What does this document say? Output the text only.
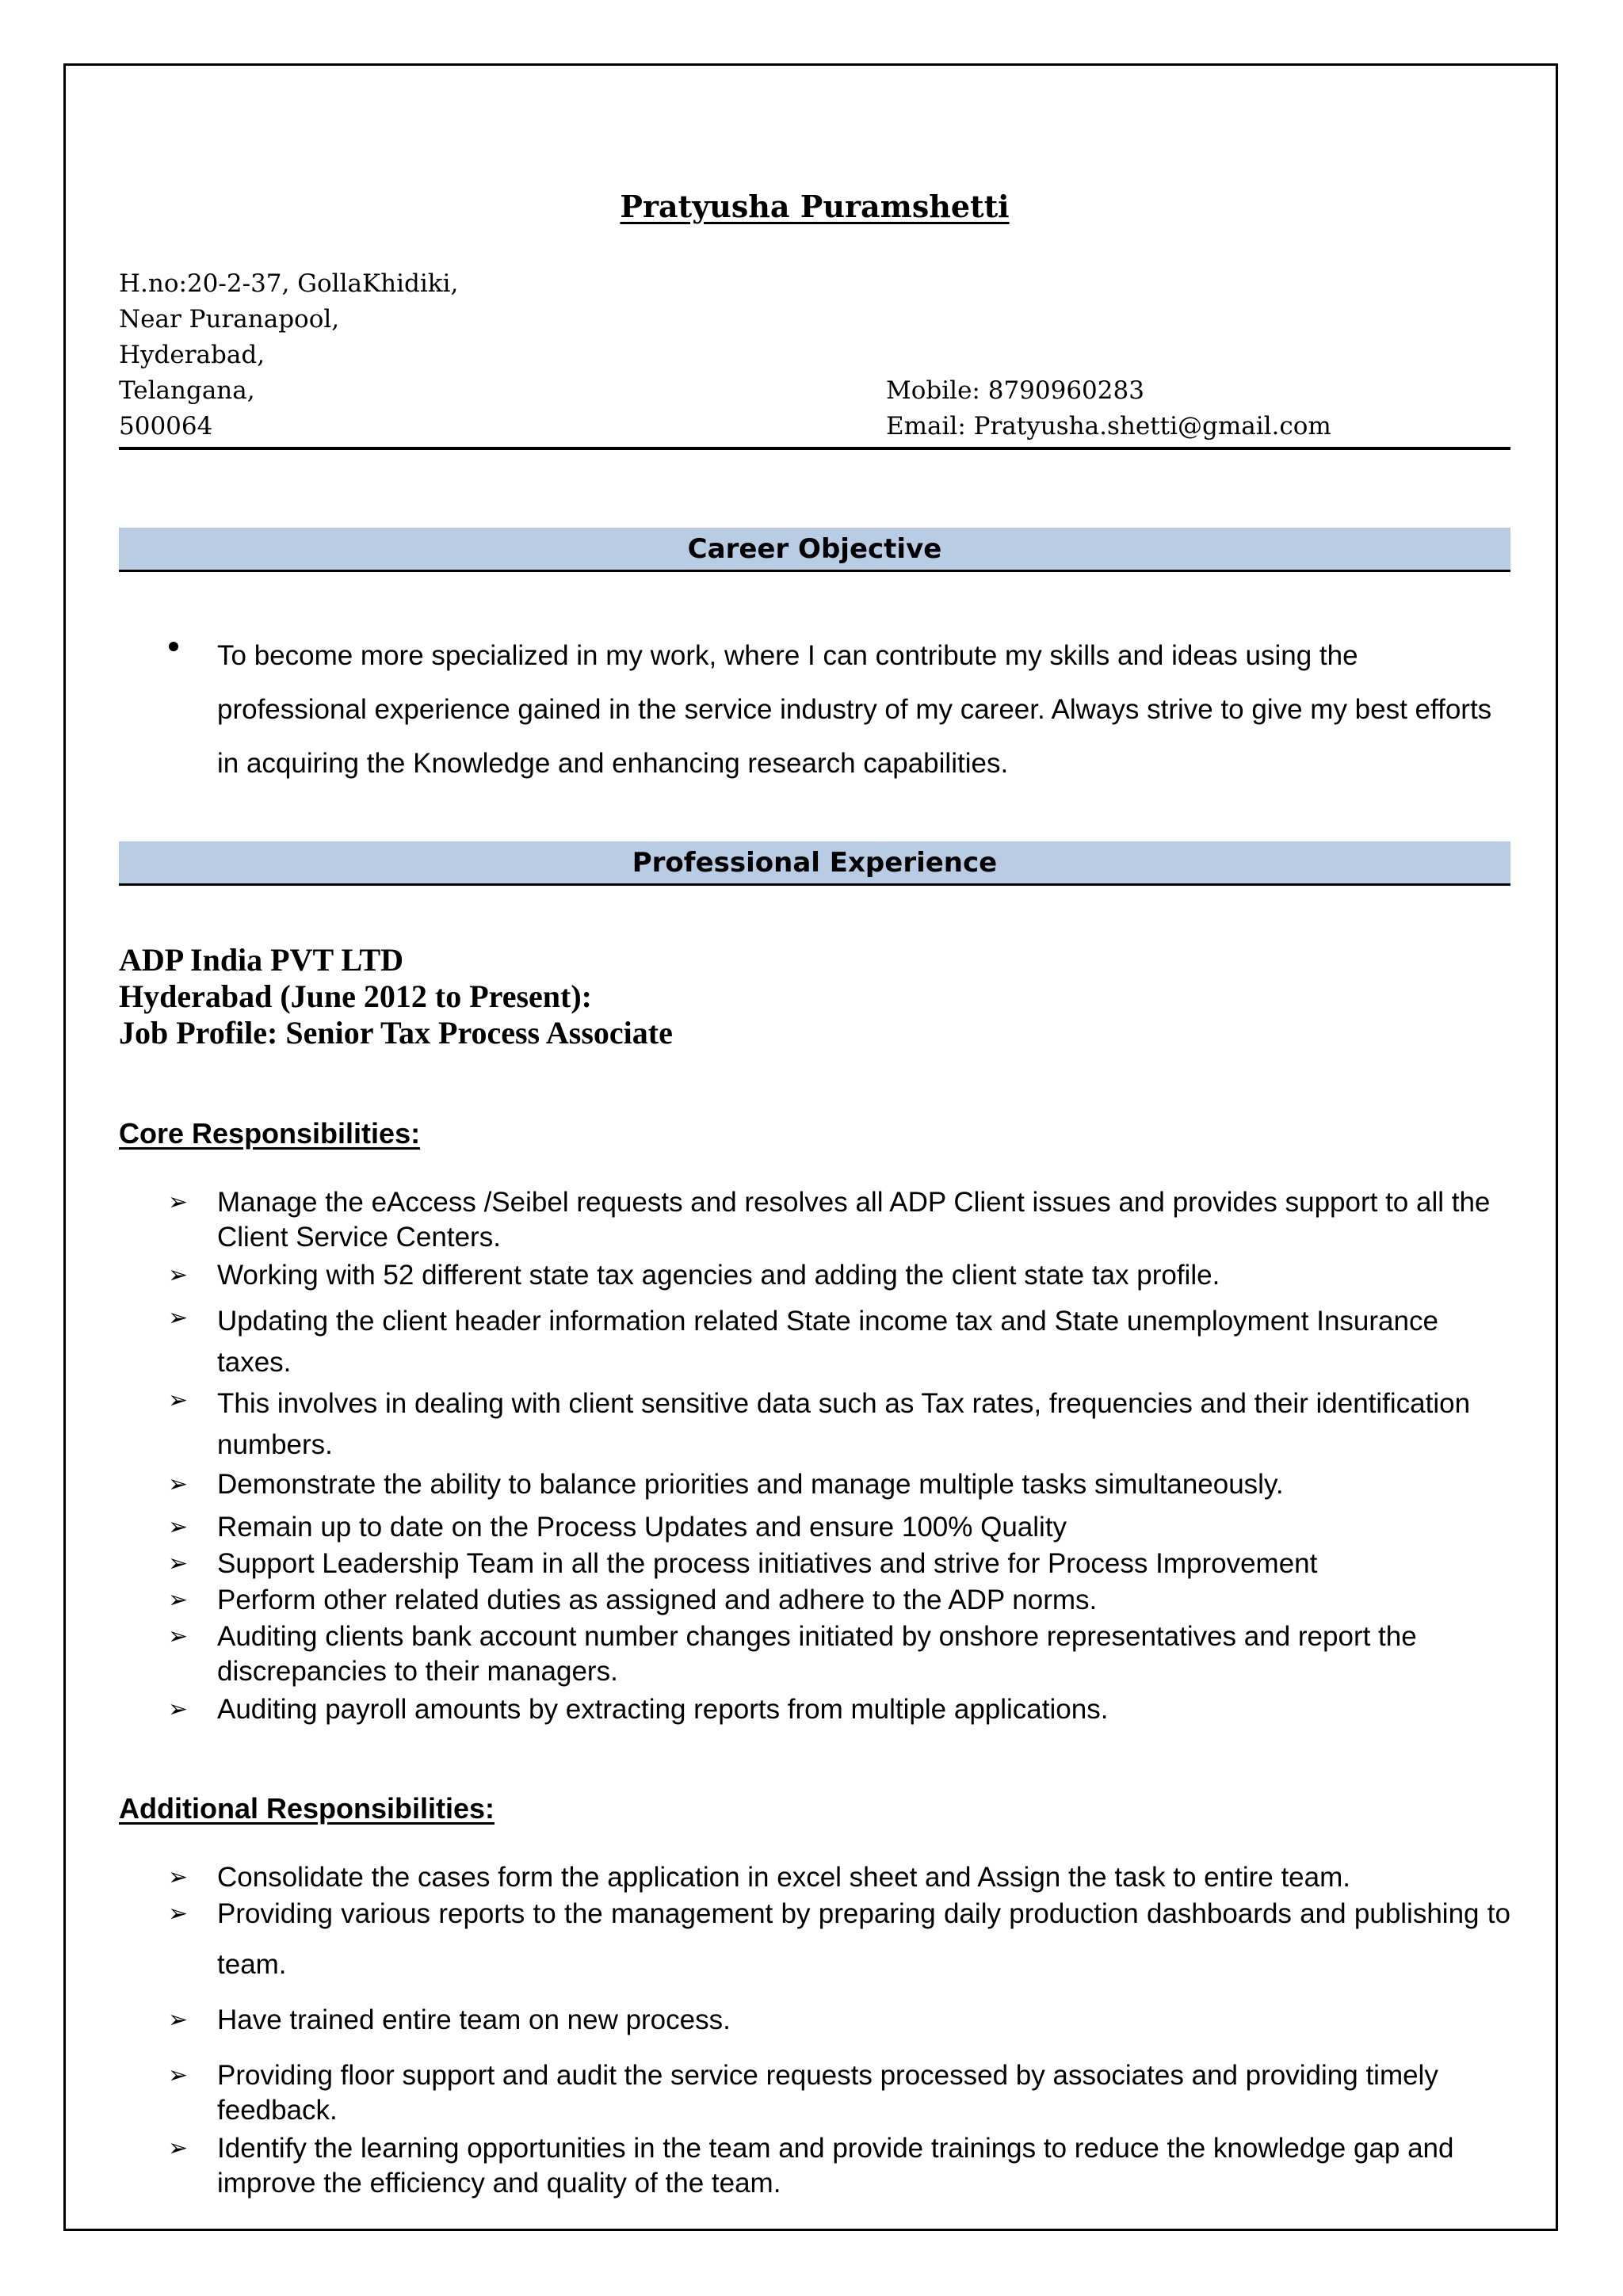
Pratyusha Puramshetti
H.no:20-2-37, GollaKhidiki,
Near Puranapool,
Hyderabad,
Telangana,
500064
Mobile: 8790960283
Email: Pratyusha.shetti@gmail.com
Career Objective
To become more specialized in my work, where I can contribute my skills and ideas using the professional experience gained in the service industry of my career. Always strive to give my best efforts in acquiring the Knowledge and enhancing research capabilities.
Professional Experience
ADP India PVT LTD
Hyderabad (June 2012 to Present):
Job Profile: Senior Tax Process Associate
Core Responsibilities:
➢ Manage the eAccess /Seibel requests and resolves all ADP Client issues and provides support to all the Client Service Centers.
➢ Working with 52 different state tax agencies and adding the client state tax profile.
➢ Updating the client header information related State income tax and State unemployment Insurance taxes.
➢ This involves in dealing with client sensitive data such as Tax rates, frequencies and their identification numbers.
➢ Demonstrate the ability to balance priorities and manage multiple tasks simultaneously.
➢ Remain up to date on the Process Updates and ensure 100% Quality
➢ Support Leadership Team in all the process initiatives and strive for Process Improvement
➢ Perform other related duties as assigned and adhere to the ADP norms.
➢ Auditing clients bank account number changes initiated by onshore representatives and report the discrepancies to their managers.
➢ Auditing payroll amounts by extracting reports from multiple applications.
Additional Responsibilities:
➢ Consolidate the cases form the application in excel sheet and Assign the task to entire team.
➢ Providing various reports to the management by preparing daily production dashboards and publishing to team.
➢ Have trained entire team on new process.
➢ Providing floor support and audit the service requests processed by associates and providing timely feedback.
➢ Identify the learning opportunities in the team and provide trainings to reduce the knowledge gap and improve the efficiency and quality of the team.
